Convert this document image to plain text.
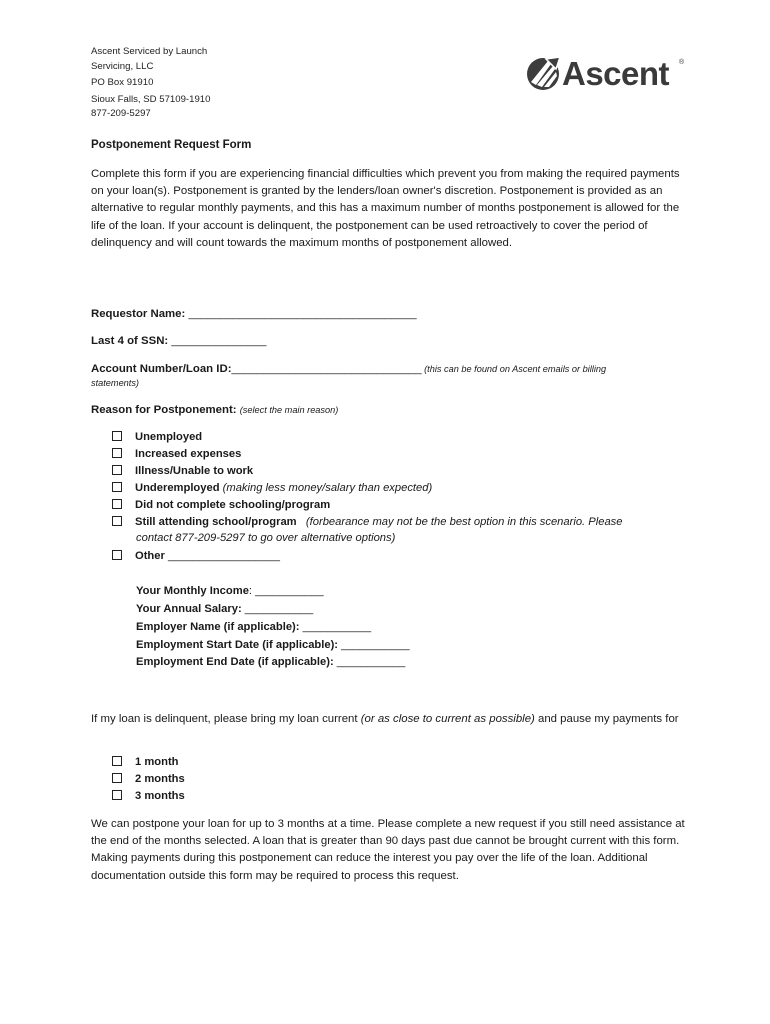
Ascent Serviced by Launch
Servicing, LLC
PO Box 91910
Sioux Falls, SD 57109-1910
877-209-5297
Ascent ®
Postponement Request Form
Complete this form if you are experiencing financial difficulties which prevent you from making the required payments on your loan(s). Postponement is granted by the lenders/loan owner's discretion. Postponement is provided as an alternative to regular monthly payments, and this has a maximum number of months postponement is allowed for the life of the loan. If your account is delinquent, the postponement can be used retroactively to cover the period of delinquency and will count towards the maximum months of postponement allowed.
Requestor Name: ____________________________________
Last 4 of SSN: _______________
Account Number/Loan ID:______________________________ (this can be found on Ascent emails or billing
statements)
Reason for Postponement: (select the main reason)
Unemployed
Increased expenses
Illness/Unable to work
Underemployed (making less money/salary than expected)
Did not complete schooling/program
Still attending school/program   (forbearance may not be the best option in this scenario. Please
contact 877-209-5297 to go over alternative options)
Other __________________
Your Monthly Income: ___________
Your Annual Salary: ___________
Employer Name (if applicable): ___________
Employment Start Date (if applicable): ___________
Employment End Date (if applicable): ___________
If my loan is delinquent, please bring my loan current (or as close to current as possible) and pause my payments for
1 month
2 months
3 months
We can postpone your loan for up to 3 months at a time. Please complete a new request if you still need assistance at the end of the months selected. A loan that is greater than 90 days past due cannot be brought current with this form. Making payments during this postponement can reduce the interest you pay over the life of the loan. Additional documentation outside this form may be required to process this request.
